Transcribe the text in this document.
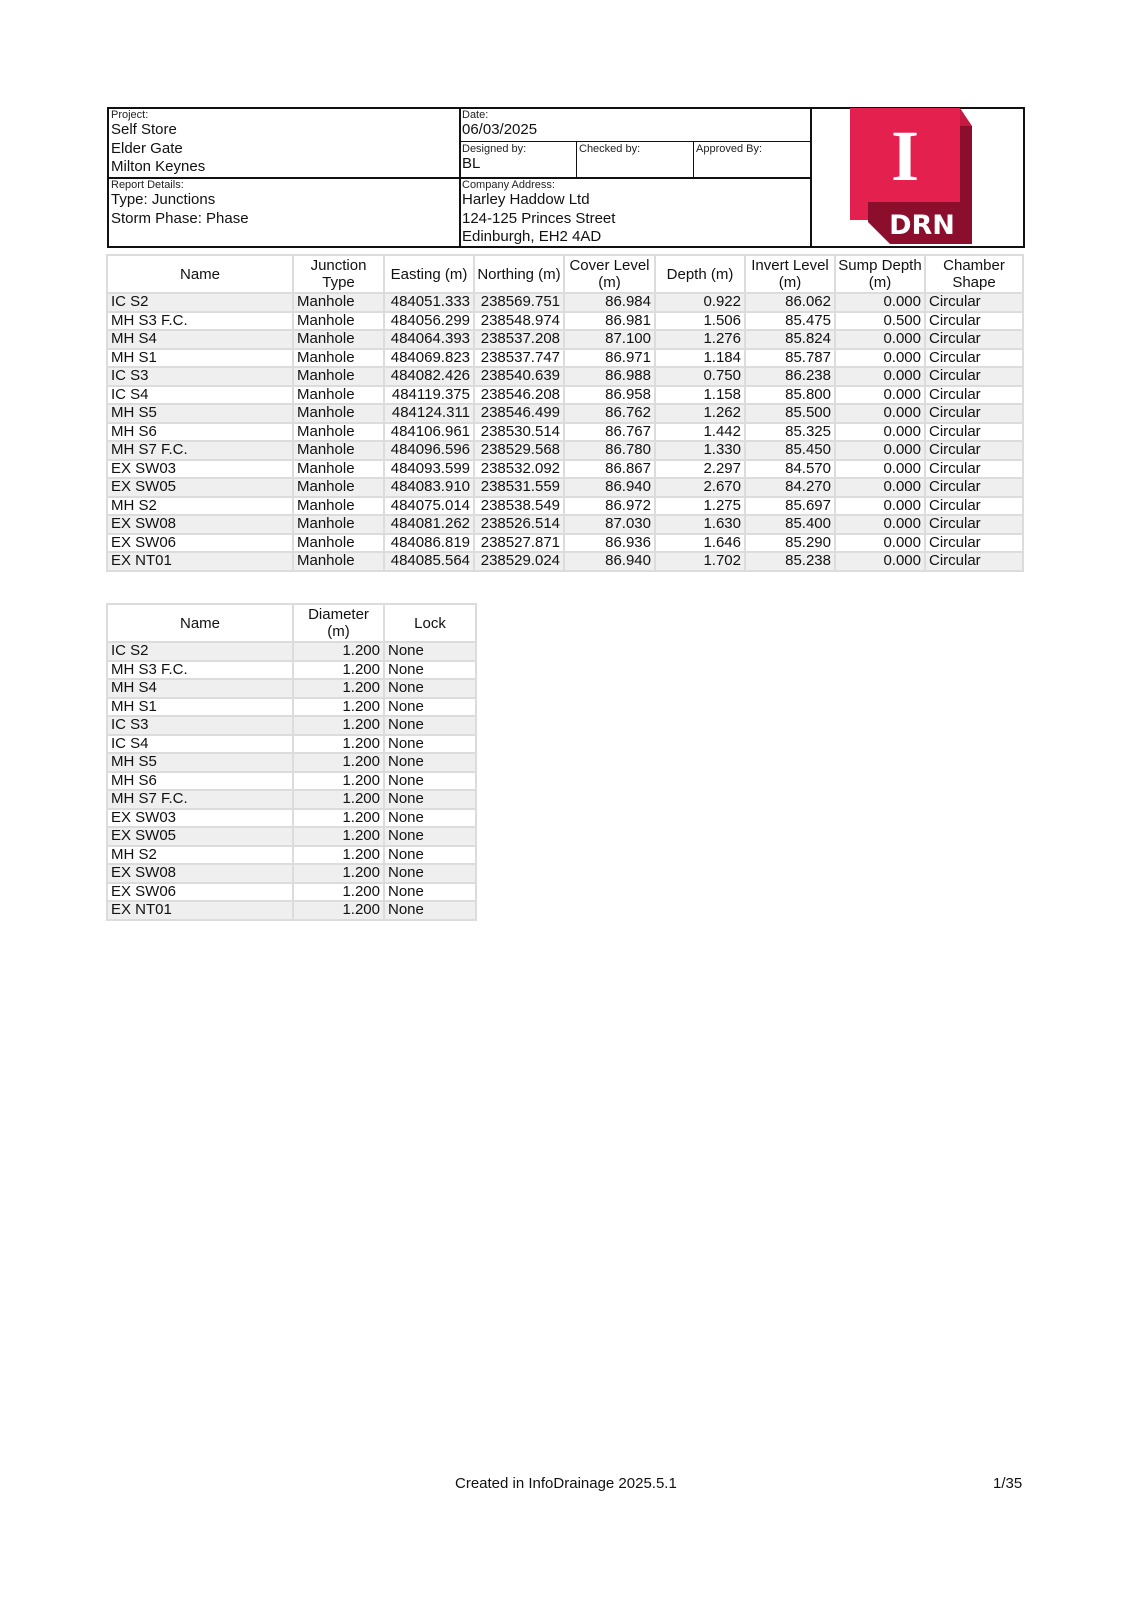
Project:
Self Store
Elder Gate
Milton Keynes
Report Details:
Type: Junctions
Storm Phase: Phase
Date:
06/03/2025
Designed by:
BL
Checked by:	Approved By:
Company Address:
Harley Haddow Ltd
124-125 Princes Street
Edinburgh, EH2 4AD
I
DRN
Name	Junction Type	Easting (m)	Northing (m)	Cover Level (m)	Depth (m)	Invert Level (m)	Sump Depth (m)	Chamber Shape
IC S2	Manhole	484051.333	238569.751	86.984	0.922	86.062	0.000	Circular
MH S3 F.C.	Manhole	484056.299	238548.974	86.981	1.506	85.475	0.500	Circular
MH S4	Manhole	484064.393	238537.208	87.100	1.276	85.824	0.000	Circular
MH S1	Manhole	484069.823	238537.747	86.971	1.184	85.787	0.000	Circular
IC S3	Manhole	484082.426	238540.639	86.988	0.750	86.238	0.000	Circular
IC S4	Manhole	484119.375	238546.208	86.958	1.158	85.800	0.000	Circular
MH S5	Manhole	484124.311	238546.499	86.762	1.262	85.500	0.000	Circular
MH S6	Manhole	484106.961	238530.514	86.767	1.442	85.325	0.000	Circular
MH S7 F.C.	Manhole	484096.596	238529.568	86.780	1.330	85.450	0.000	Circular
EX SW03	Manhole	484093.599	238532.092	86.867	2.297	84.570	0.000	Circular
EX SW05	Manhole	484083.910	238531.559	86.940	2.670	84.270	0.000	Circular
MH S2	Manhole	484075.014	238538.549	86.972	1.275	85.697	0.000	Circular
EX SW08	Manhole	484081.262	238526.514	87.030	1.630	85.400	0.000	Circular
EX SW06	Manhole	484086.819	238527.871	86.936	1.646	85.290	0.000	Circular
EX NT01	Manhole	484085.564	238529.024	86.940	1.702	85.238	0.000	Circular
Name	Diameter (m)	Lock
IC S2	1.200	None
MH S3 F.C.	1.200	None
MH S4	1.200	None
MH S1	1.200	None
IC S3	1.200	None
IC S4	1.200	None
MH S5	1.200	None
MH S6	1.200	None
MH S7 F.C.	1.200	None
EX SW03	1.200	None
EX SW05	1.200	None
MH S2	1.200	None
EX SW08	1.200	None
EX SW06	1.200	None
EX NT01	1.200	None
Created in InfoDrainage 2025.5.1	1/35
